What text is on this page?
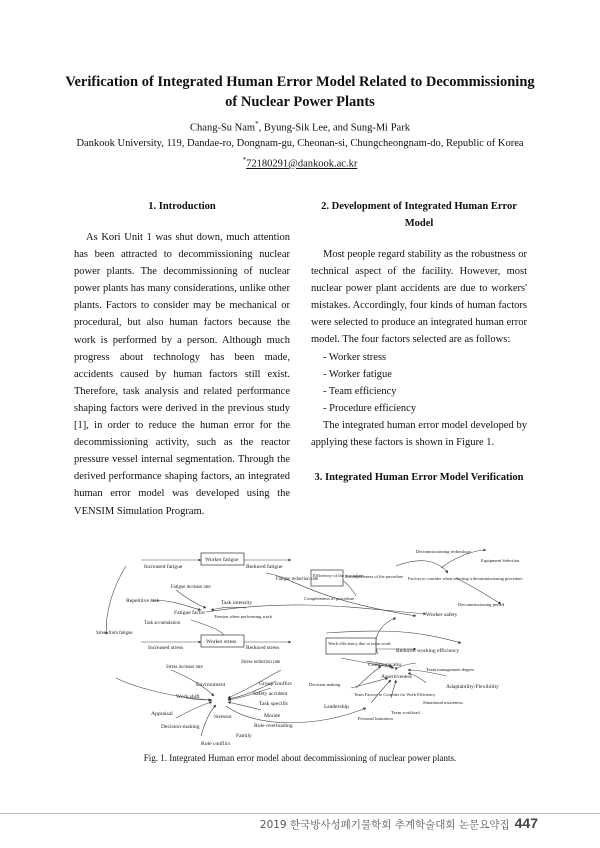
Verification of Integrated Human Error Model Related to Decommissioning of Nuclear Power Plants
Chang-Su Nam*, Byung-Sik Lee, and Sung-Mi Park
Dankook University, 119, Dandae-ro, Dongnam-gu, Cheonan-si, Chungcheongnam-do, Republic of Korea
*72180291@dankook.ac.kr

1. Introduction

As Kori Unit 1 was shut down, much attention has been attracted to decommissioning nuclear power plants. The decommissioning of nuclear power plants has many considerations, unlike other plants. Factors to consider may be mechanical or procedural, but also human factors because the work is performed by a person. Although much progress about technology has been made, accidents caused by human factors still exist. Therefore, task analysis and related performance shaping factors were derived in the previous study [1], in order to reduce the human error for the decommissioning activity, such as the reactor pressure vessel internal segmentation. Through the derived performance shaping factors, an integrated human error model was developed using the VENSIM Simulation Program.

2. Development of Integrated Human Error Model

Most people regard stability as the robustness or technical aspect of the facility. However, most nuclear power plant accidents are due to workers' mistakes. Accordingly, four kinds of human factors were selected to produce an integrated human error model. The four factors selected are as follows:

- Worker stress

- Worker fatigue

- Team efficiency

- Procedure efficiency

The integrated human error model developed by applying these factors is shown in Figure 1.

3. Integrated Human Error Model Verification

Worker fatigue
Worker stress
Efficiency of the procedure
Work efficiency due to team work
Increased fatigue	Reduced fatigue
Fatigue reduction rate
Fatigue increase rate
Repetitive task	Task intensity
Fatigue factor
Task accumulation
Tension when performing work
Stress from fatigue
Increased stress	Reduced stress
Stress increase rate
Stress reduction rate
Environment	Group conflict
Safety accident
Task specific
Work shift
Appraisal	Stressor	Morale
Decision-making	Role overloading
Family
Role conflict
Incompleteness of the procedure
Completeness of procedure
Decommissioning technology
Equipment Selection
Factors to consider when selecting a decommissioning procedure
Decommissioning period
Worker safety
Reduced working efficiency
Communicatio
Team management degree
Assertiveness
Adaptability/Flexibility
Decision making
Team Factors to Consider for Work Efficiency
Leadership
Situational awareness
Personal limitation
Team workload
Fig. 1. Integrated Human error model about decommissioning of nuclear power plants.
2019 한국방사성폐기물학회 추계학술대회 논문요약집 447
